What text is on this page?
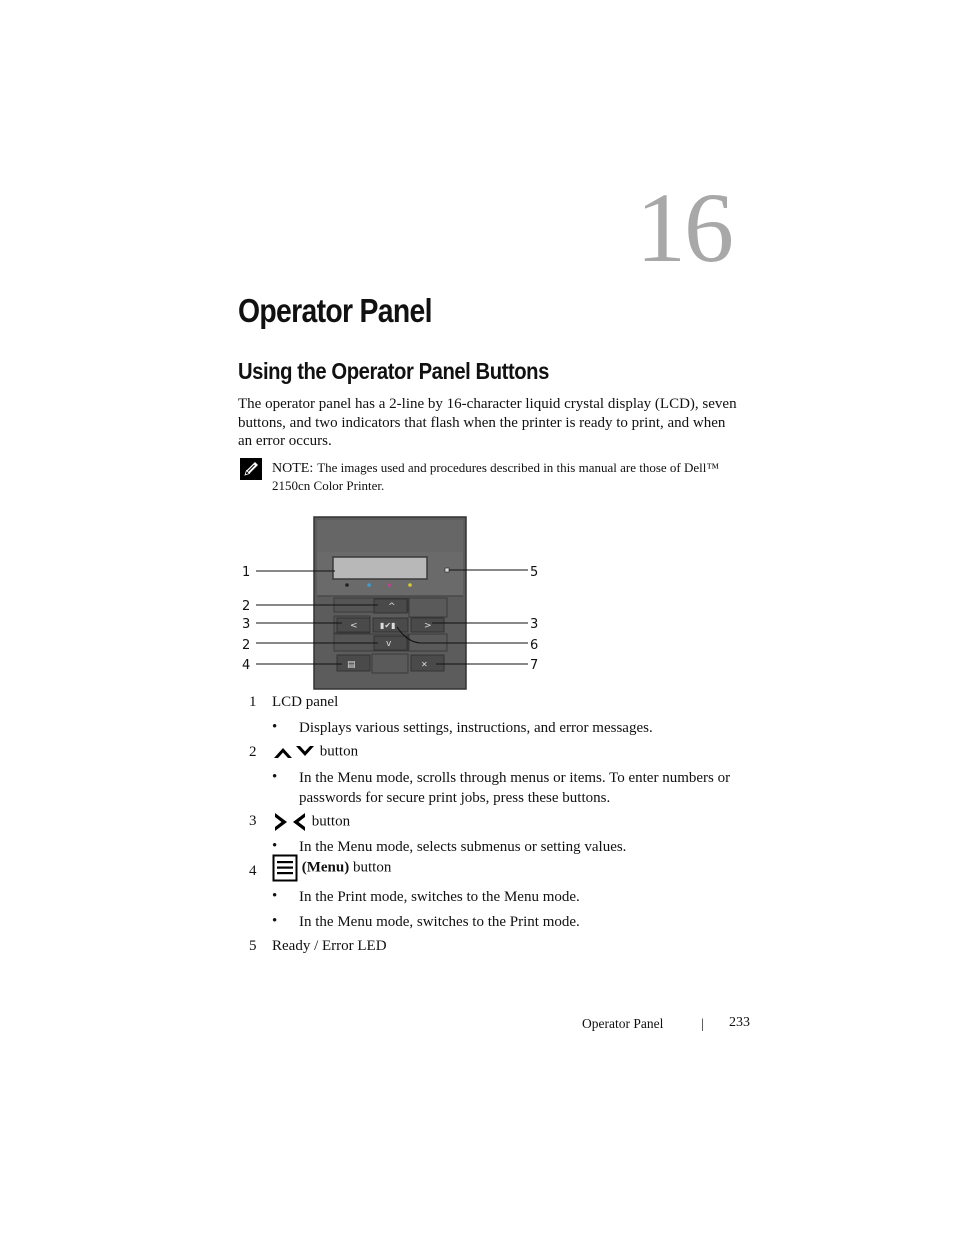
16
Operator Panel
Using the Operator Panel Buttons
The operator panel has a 2-line by 16-character liquid crystal display (LCD), seven buttons, and two indicators that flash when the printer is ready to print, and when an error occurs.
NOTE: The images used and procedures described in this manual are those of Dell™ 2150cn Color Printer.
^
<	▮✔▮	>
v
▤	✕
1
2
3
2
4
5
3
6
7
1 LCD panel
• Displays various settings, instructions, and error messages.
2	button
• In the Menu mode, scrolls through menus or items. To enter numbers or passwords for secure print jobs, press these buttons.
3	button
• In the Menu mode, selects submenus or setting values.
4	(Menu) button
• In the Print mode, switches to the Menu mode.
• In the Menu mode, switches to the Print mode.
5 Ready / Error LED
Operator Panel	| 233
